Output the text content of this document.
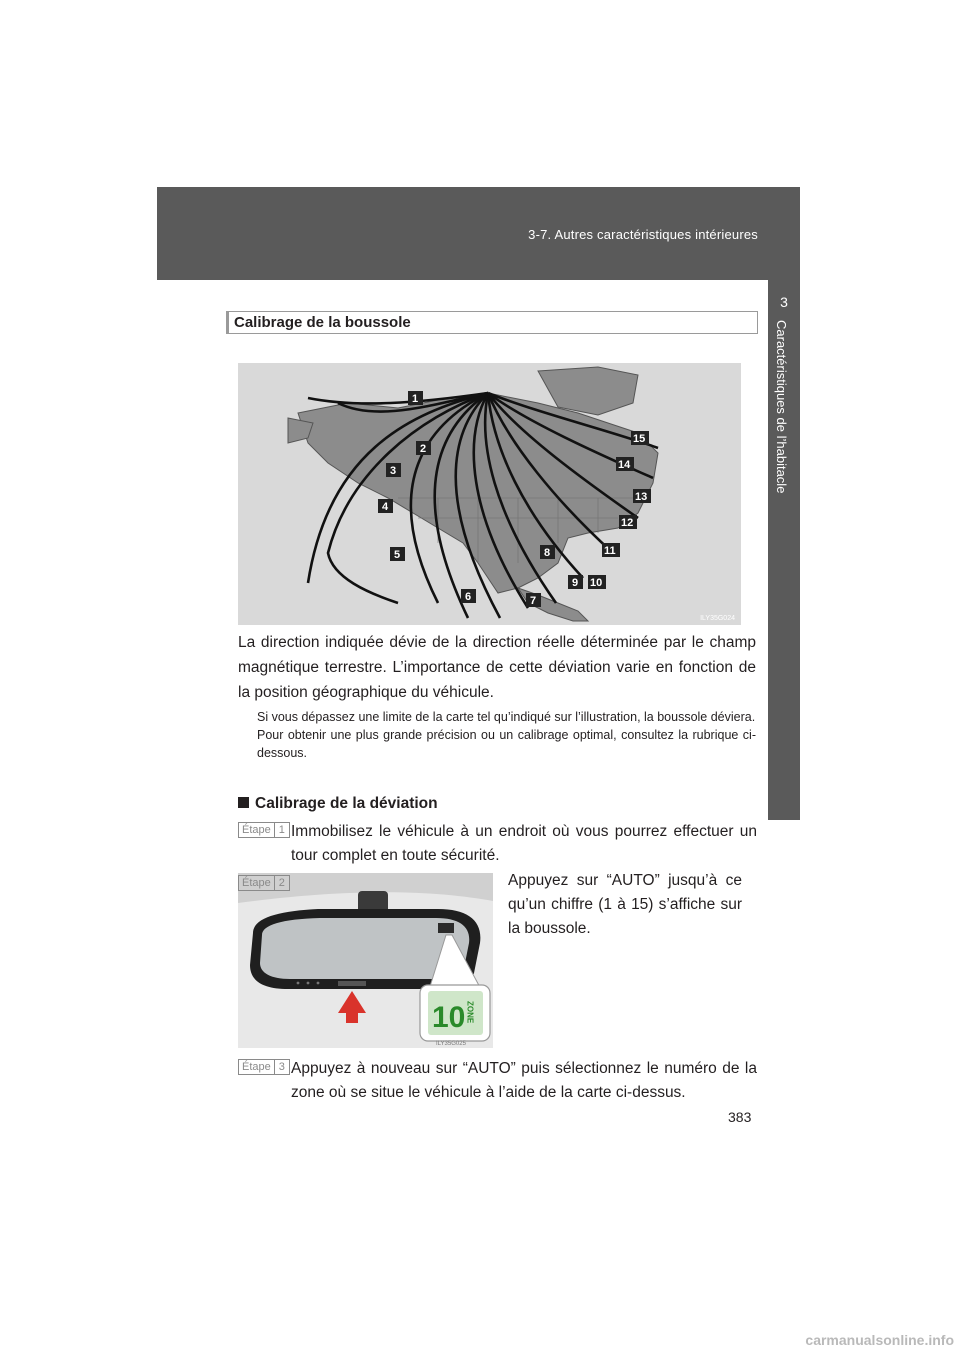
3-7. Autres caractéristiques intérieures
3
Caractéristiques de l’habitacle
Calibrage de la boussole
1
2
3
4
5
6	7
8
9 10
11
12
13
14
15
ILY35G024

La direction indiquée dévie de la direction réelle déterminée par le champ magnétique terrestre. L’importance de cette déviation varie en fonction de la position géographique du véhicule.

Si vous dépassez une limite de la carte tel qu’indiqué sur l’illustration, la boussole déviera.

Pour obtenir une plus grande précision ou un calibrage optimal, consultez la rubrique ci-dessous.

Calibrage de la déviation
Étape 1 Immobilisez le véhicule à un endroit où vous pourrez effectuer un tour complet en toute sécurité.
10 ZONE
ILY35G025
Étape 2	Appuyez sur “AUTO” jusqu’à ce qu’un chiffre (1 à 15) s’affiche sur la boussole.
Étape 3 Appuyez à nouveau sur “AUTO” puis sélectionnez le numéro de la zone où se situe le véhicule à l’aide de la carte ci-dessus.
383
carmanualsonline.info
